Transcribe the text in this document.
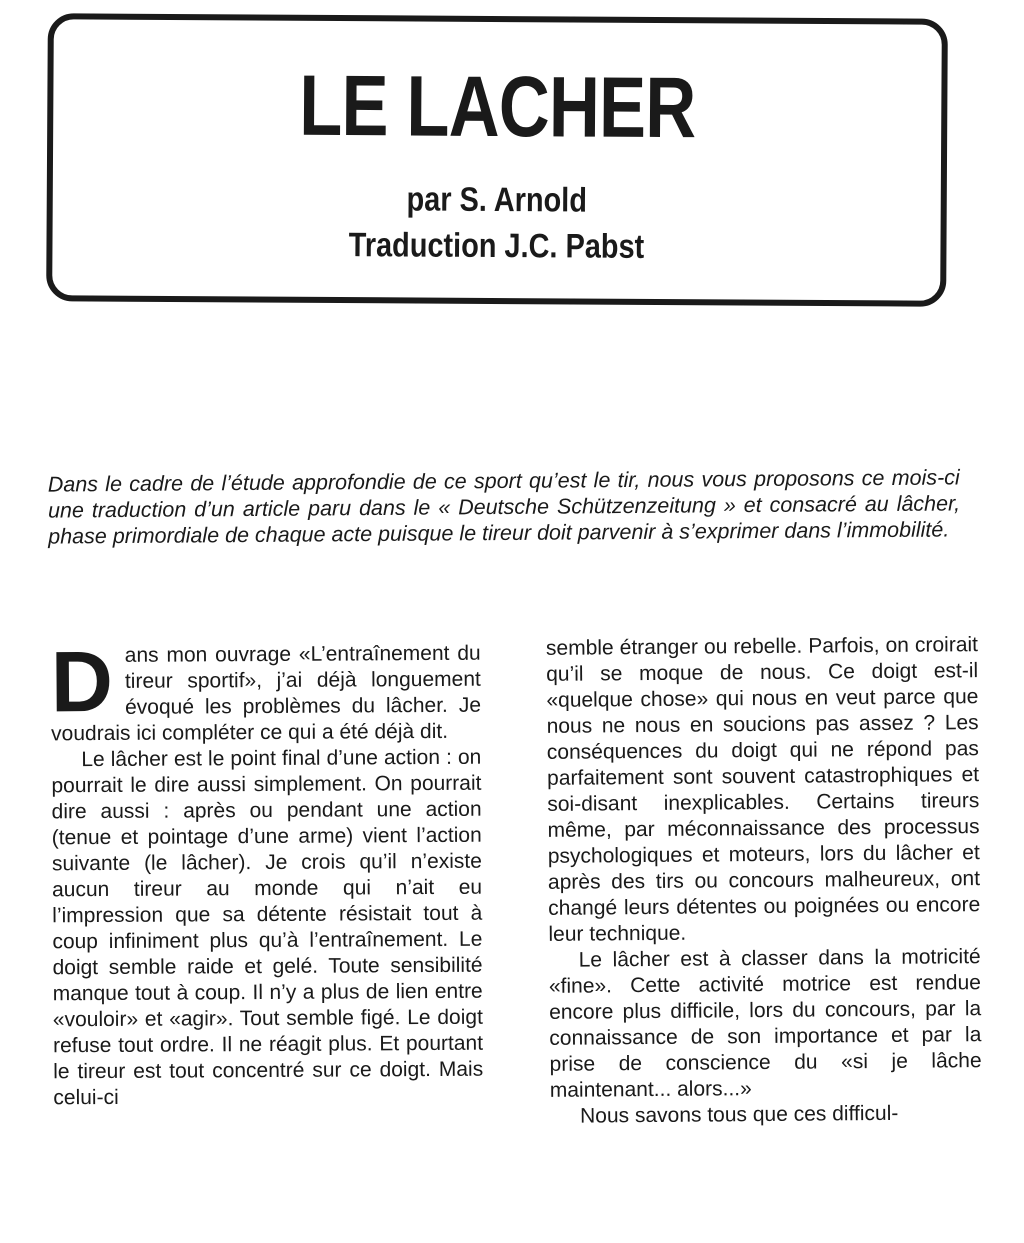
LE LACHER
par S. Arnold
Traduction J.C. Pabst
Dans le cadre de l’étude approfondie de ce sport qu’est le tir, nous vous proposons ce mois-ci une traduction d’un article paru dans le « Deutsche Schützenzeitung » et consacré au lâcher, phase primordiale de chaque acte puisque le tireur doit parvenir à s’exprimer dans l’immobilité.

Dans mon ouvrage «L’entraînement du tireur sportif», j’ai déjà longuement évoqué les problèmes du lâcher. Je voudrais ici compléter ce qui a été déjà dit.

Le lâcher est le point final d’une action : on pourrait le dire aussi simplement. On pourrait dire aussi : après ou pendant une action (tenue et pointage d’une arme) vient l’action suivante (le lâcher). Je crois qu’il n’existe aucun tireur au monde qui n’ait eu l’impression que sa détente résistait tout à coup infiniment plus qu’à l’entraînement. Le doigt semble raide et gelé. Toute sensibilité manque tout à coup. Il n’y a plus de lien entre «vouloir» et «agir». Tout semble figé. Le doigt refuse tout ordre. Il ne réagit plus. Et pourtant le tireur est tout concentré sur ce doigt. Mais celui-ci

semble étranger ou rebelle. Parfois, on croirait qu’il se moque de nous. Ce doigt est-il «quelque chose» qui nous en veut parce que nous ne nous en soucions pas assez ? Les conséquences du doigt qui ne répond pas parfaitement sont souvent catastrophiques et soi-disant inexplicables. Certains tireurs même, par méconnaissance des processus psychologiques et moteurs, lors du lâcher et après des tirs ou concours malheureux, ont changé leurs détentes ou poignées ou encore leur technique.

Le lâcher est à classer dans la motricité «fine». Cette activité motrice est rendue encore plus difficile, lors du concours, par la connaissance de son importance et par la prise de conscience du «si je lâche maintenant... alors...»

Nous savons tous que ces difficul-
